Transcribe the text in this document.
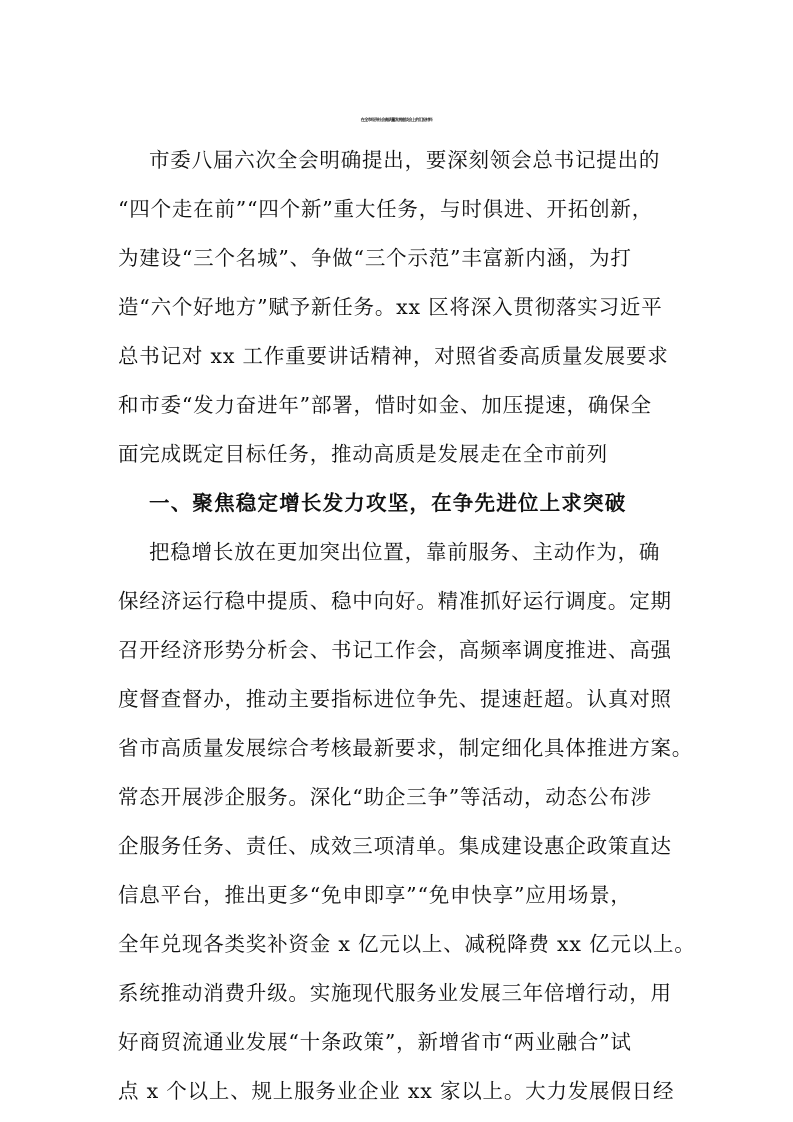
在全市经济社会高质量发展座谈会上的汇报材料
市委八届六次全会明确提出，要深刻领会总书记提出的
“四个走在前”“四个新”重大任务，与时俱进、开拓创新，
为建设“三个名城”、争做“三个示范”丰富新内涵，为打
造“六个好地方”赋予新任务。xx 区将深入贯彻落实习近平
总书记对 xx 工作重要讲话精神，对照省委高质量发展要求
和市委“发力奋进年”部署，惜时如金、加压提速，确保全
面完成既定目标任务，推动高质是发展走在全市前列
一、聚焦稳定增长发力攻坚，在争先进位上求突破
把稳增长放在更加突出位置，靠前服务、主动作为，确
保经济运行稳中提质、稳中向好。精准抓好运行调度。定期
召开经济形势分析会、书记工作会，高频率调度推进、高强
度督查督办，推动主要指标进位争先、提速赶超。认真对照
省市高质量发展综合考核最新要求，制定细化具体推进方案。
常态开展涉企服务。深化“助企三争”等活动，动态公布涉
企服务任务、责任、成效三项清单。集成建设惠企政策直达
信息平台，推出更多“免申即享”“免申快享”应用场景，
全年兑现各类奖补资金 x 亿元以上、减税降费 xx 亿元以上。
系统推动消费升级。实施现代服务业发展三年倍增行动，用
好商贸流通业发展“十条政策”，新增省市“两业融合”试
点 x 个以上、规上服务业企业 xx 家以上。大力发展假日经
